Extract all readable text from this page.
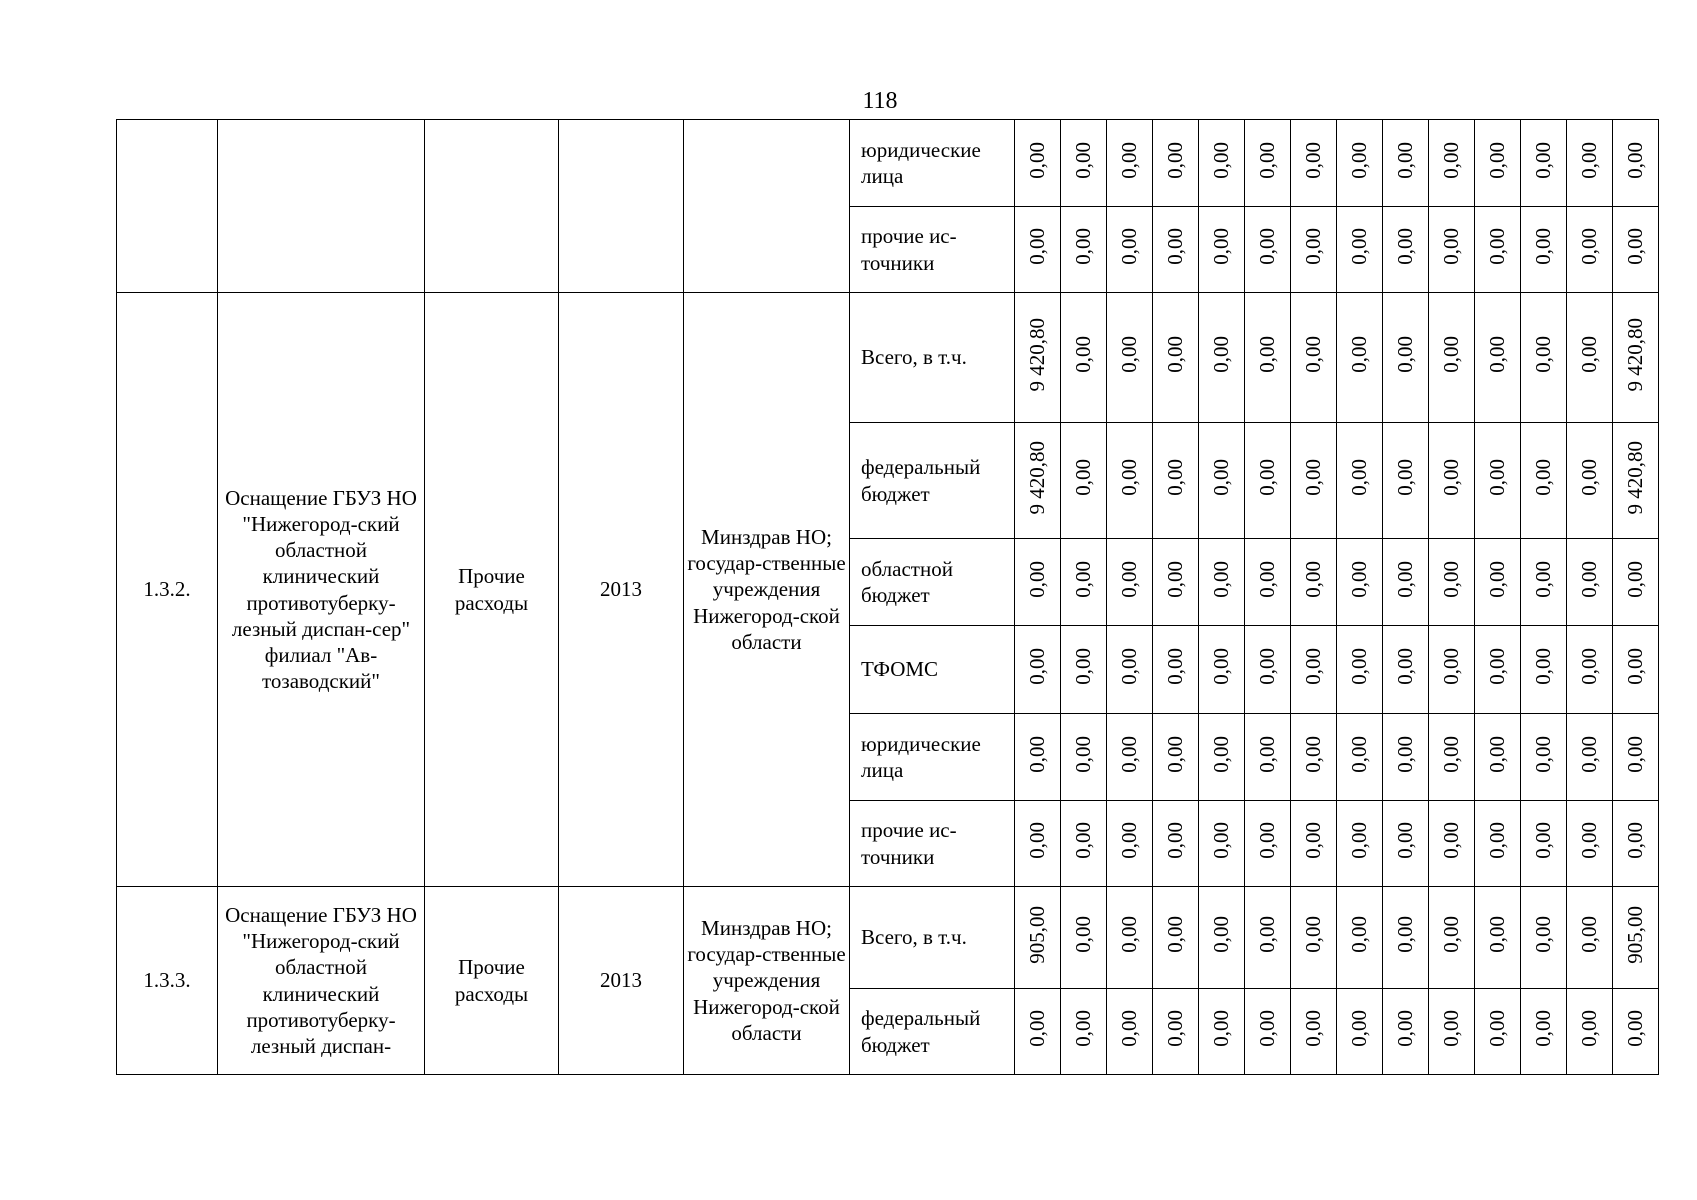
118
					юридические лица	0,00	0,00	0,00	0,00	0,00	0,00	0,00	0,00	0,00	0,00	0,00	0,00	0,00	0,00
					прочие ис-точники	0,00	0,00	0,00	0,00	0,00	0,00	0,00	0,00	0,00	0,00	0,00	0,00	0,00	0,00
1.3.2.	Оснащение ГБУЗ НО "Нижегород-ский областной клинический противотуберку-лезный диспан-сер" филиал "Ав-тозаводский"	Прочие расходы	2013	Минздрав НО; государ-ственные учреждения Нижегород-ской области	Всего, в т.ч.	9 420,80	0,00	0,00	0,00	0,00	0,00	0,00	0,00	0,00	0,00	0,00	0,00	0,00	9 420,80
					федеральный бюджет	9 420,80	0,00	0,00	0,00	0,00	0,00	0,00	0,00	0,00	0,00	0,00	0,00	0,00	9 420,80
					областной бюджет	0,00	0,00	0,00	0,00	0,00	0,00	0,00	0,00	0,00	0,00	0,00	0,00	0,00	0,00
					ТФОМС	0,00	0,00	0,00	0,00	0,00	0,00	0,00	0,00	0,00	0,00	0,00	0,00	0,00	0,00
					юридические лица	0,00	0,00	0,00	0,00	0,00	0,00	0,00	0,00	0,00	0,00	0,00	0,00	0,00	0,00
					прочие ис-точники	0,00	0,00	0,00	0,00	0,00	0,00	0,00	0,00	0,00	0,00	0,00	0,00	0,00	0,00
1.3.3.	Оснащение ГБУЗ НО "Нижегород-ский областной клинический противотуберку-лезный диспан-	Прочие расходы	2013	Минздрав НО; государ-ственные учреждения Нижегород-ской области	Всего, в т.ч.	905,00	0,00	0,00	0,00	0,00	0,00	0,00	0,00	0,00	0,00	0,00	0,00	0,00	905,00
					федеральный бюджет	0,00	0,00	0,00	0,00	0,00	0,00	0,00	0,00	0,00	0,00	0,00	0,00	0,00	0,00
